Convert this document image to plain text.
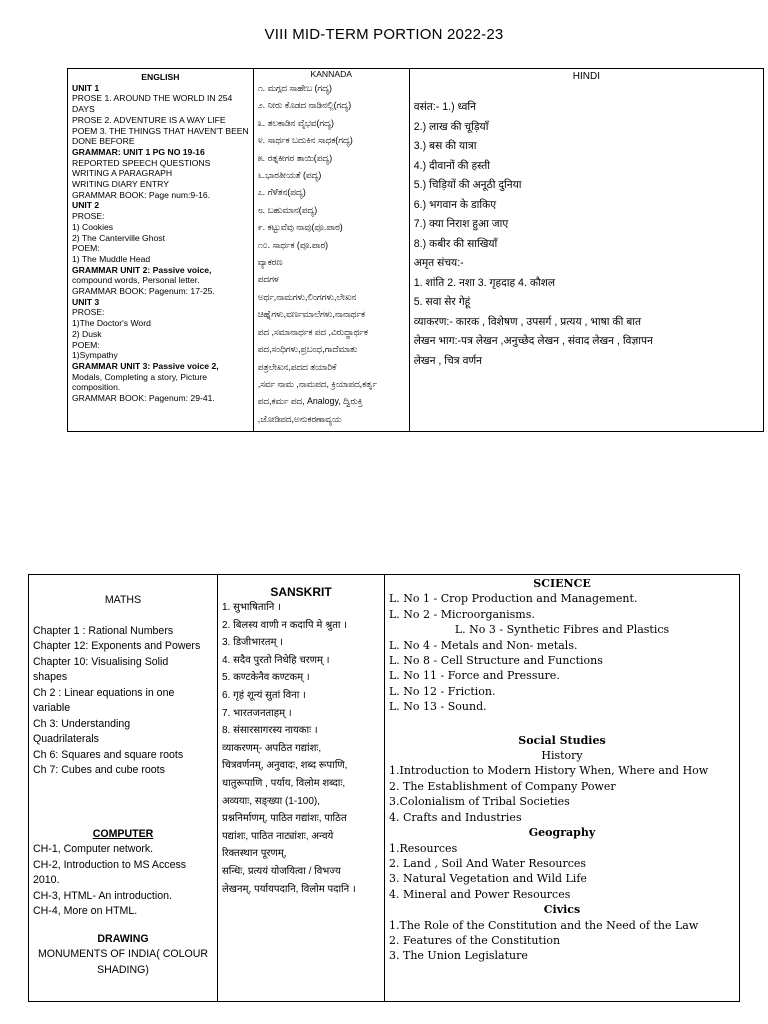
VIII MID-TERM PORTION 2022-23
ENGLISH
UNIT 1
PROSE 1. AROUND THE WORLD IN 254
DAYS
PROSE 2. ADVENTURE IS A WAY LIFE
POEM 3. THE THINGS THAT HAVEN'T BEEN
DONE BEFORE
GRAMMAR: UNIT 1 PG NO 19-16
REPORTED SPEECH QUESTIONS
WRITING A PARAGRAPH
WRITING DIARY ENTRY
GRAMMAR BOOK: Page num:9-16.
UNIT 2
PROSE:
1) Cookies
2) The Canterville Ghost
POEM:
1) The Muddle Head
GRAMMAR UNIT 2: Passive voice,
compound words, Personal letter.
GRAMMAR BOOK: Pagenum: 17-25.
UNIT 3
PROSE:
1)The Doctor's Word
2) Dusk
POEM:
1)Sympathy
GRAMMAR UNIT 3: Passive voice 2,
Modals, Completing a story, Picture
composition.
GRAMMAR BOOK: Pagenum: 29-41.

KANNADA
೧. ಮಗ್ಗದ ಸಾಹೇಬ (ಗದ್ಯ)
೨. ನೀರು ಕೊಡದ ನಾಡಿನಲ್ಲಿ(ಗದ್ಯ)
೩. ತಲಕಾಡಿನ ವೈಭವ(ಗದ್ಯ)
೪. ಸಾರ್ಥಕ ಬದುಕಿನ ಸಾಧಕ(ಗದ್ಯ)
೫. ರತ್ನಕೀಗರ ತಾಯಿ(ಪದ್ಯ)
೬.ಭಾರತೀಯತೆ (ಪದ್ಯ)
೭. ಗೆಳೆತನ(ಪದ್ಯ)
೮. ಬಹುಮಾನ(ಪದ್ಯ)
೯. ಕಟ್ಟುವೆವು ನಾವು(ಪೂ.ಪಾಠ)
೧೦. ಸಾರ್ಥಕ (ಪೂ.ಪಾಠ)
ವ್ಯಾಕರಣ
ಪದಗಳ
ಅರ್ಥ,ನಾಮಗಳು,ಲಿಂಗಗಳು,ಲೇಖನ
ಚಿಹ್ನೆಗಳು,ವರ್ಣಮಾಲೆಗಳು,ನಾನಾರ್ಥಕ
ಪದ ,ಸಮಾನಾರ್ಥಕ ಪದ ,ವಿರುದ್ಧಾರ್ಥಕ
ಪದ,ಸಂಧಿಗಳು,ಪ್ರಬಂಧ,ಗಾದೆಮಾತು
ಪತ್ರಲೇಖನ,ಪದದ ತಯಾರಿಕೆ
,ಸರ್ವ ನಾಮ ,ನಾಮಪದ, ಕ್ರಿಯಾಪದ,ಕರ್ತೃ
ಪದ,ಕರ್ಮ ಪದ, Analogy, ದ್ವಿರುಕ್ತಿ
,ಜೋಡಿಪದ,ಅನುಕರಣಾವ್ಯಯ

HINDI
वसंत:- 1.) ध्वनि
2.) लाख की चूड़ियाँ
3.) बस की यात्रा
4.) दीवानों की हस्ती
5.) चिड़ियों की अनूठी दुनिया
6.) भगवान के डाकिए
7.) क्या निराश हुआ जाए
8.) कबीर की साखियाँ
अमृत संचय:-
1. शांति 2. नशा 3. गृहदाह 4. कौशल
5. सवा सेर गेहूं
व्याकरण:- कारक , विशेषण , उपसर्ग , प्रत्यय , भाषा की बात
लेखन भाग:-पत्र लेखन ,अनुच्छेद लेखन , संवाद लेखन , विज्ञापन
लेखन , चित्र वर्णन
MATHS
Chapter 1 : Rational Numbers
Chapter 12: Exponents and Powers
Chapter 10: Visualising Solid
shapes
Ch 2 : Linear equations in one
variable
Ch 3: Understanding
Quadrilaterals
Ch 6: Squares and square roots
Ch 7: Cubes and cube roots
COMPUTER
CH-1, Computer network.
CH-2, Introduction to MS Access
2010.
CH-3, HTML- An introduction.
CH-4, More on HTML.
DRAWING
MONUMENTS OF INDIA( COLOUR
SHADING)

SANSKRIT
1. सुभाषितानि ।
2. बिलस्य वाणी न कदापि मे श्रुता ।
3. डिजीभारतम् ।
4. सदैव पुरतो निधेहि चरणम् ।
5. कण्टकेनैव कण्टकम् ।
6. गृहं शून्यं सुतां विना ।
7. भारतजनताहम् ।
8. संसारसागरस्य नायकाः ।
व्याकरणम्- अपठित गद्यांशः,
चित्रवर्णनम्, अनुवादः, शब्द रूपाणि,
धातुरूपाणि , पर्याय, विलोम शब्दाः,
अव्ययाः, सङ्ख्या (1-100),
प्रश्ननिर्माणम्, पाठित गद्यांशः, पाठित
पद्यांशः, पाठित नाट्यांशः, अन्वये
रिक्तस्थान पूरणम्,
सन्धिः, प्रत्ययं योजयित्वा / विभज्य
लेखनम्, पर्यायपदानि, विलोम पदानि ।

SCIENCE
L. No 1 - Crop Production and Management.
L. No 2 - Microorganisms.
L. No 3 - Synthetic Fibres and Plastics
L. No 4 - Metals and Non- metals.
L. No 8 - Cell Structure and Functions
L. No 11 - Force and Pressure.
L. No 12 - Friction.
L. No 13 - Sound.
Social Studies
History
1.Introduction to Modern History When, Where and How
2. The Establishment of Company Power
3.Colonialism of Tribal Societies
4. Crafts and Industries
Geography
1.Resources
2. Land , Soil And Water Resources
3. Natural Vegetation and Wild Life
4. Mineral and Power Resources
Civics
1.The Role of the Constitution and the Need of the Law
2. Features of the Constitution
3. The Union Legislature
